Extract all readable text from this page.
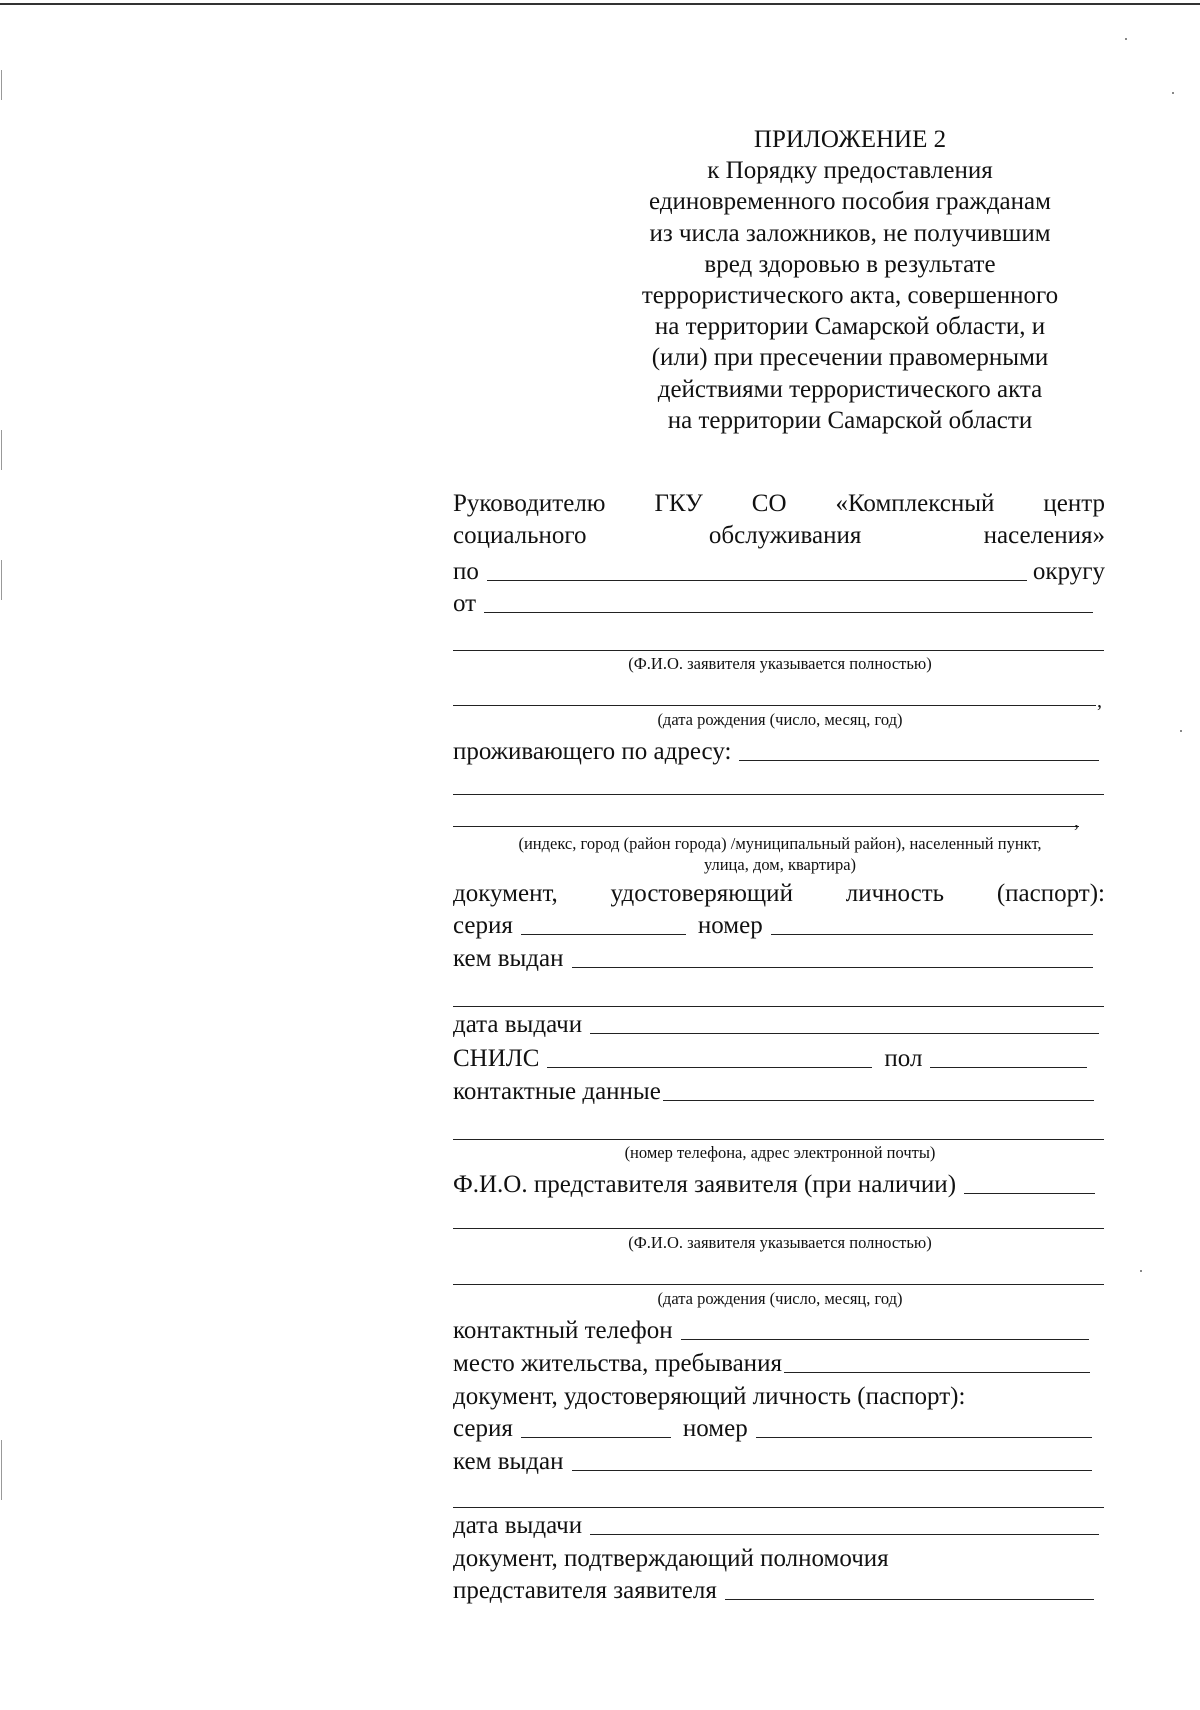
ПРИЛОЖЕНИЕ 2
к Порядку предоставления
единовременного пособия гражданам
из числа заложников, не получившим
вред здоровью в результате
террористического акта, совершенного
на территории Самарской области, и
(или) при пресечении правомерными
действиями террористического акта
на территории Самарской области
Руководителю ГКУ СО «Комплексный центр
социального	обслуживания	населения»
по	округу
от
(Ф.И.О. заявителя указывается полностью)
,
(дата рождения (число, месяц, год)
проживающего по адресу:
,
(индекс, город (район города) /муниципальный район), населенный пункт,
улица, дом, квартира)
документ, удостоверяющий личность (паспорт):
серия	номер
кем выдан
дата выдачи
СНИЛС	пол
контактные данные
(номер телефона, адрес электронной почты)
Ф.И.О. представителя заявителя (при наличии)
(Ф.И.О. заявителя указывается полностью)
(дата рождения (число, месяц, год)
контактный телефон
место жительства, пребывания
документ, удостоверяющий личность (паспорт):
серия	номер
кем выдан
дата выдачи
документ, подтверждающий полномочия
представителя заявителя
